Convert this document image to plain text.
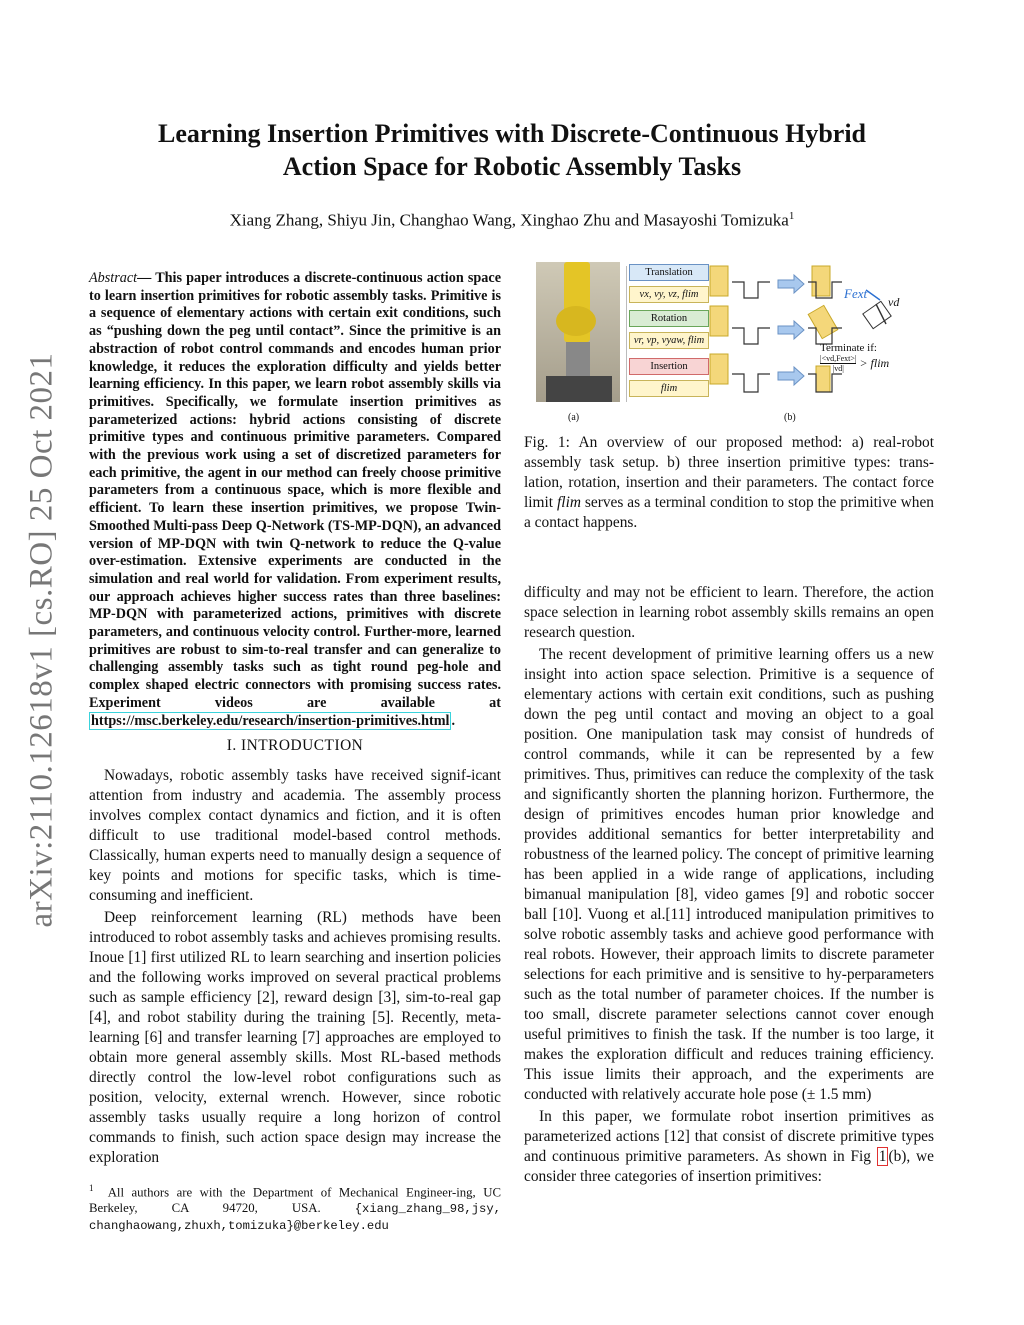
arXiv:2110.12618v1 [cs.RO] 25 Oct 2021
Learning Insertion Primitives with Discrete-Continuous Hybrid
Action Space for Robotic Assembly Tasks
Xiang Zhang, Shiyu Jin, Changhao Wang, Xinghao Zhu and Masayoshi Tomizuka$^1$
Abstract— This paper introduces a discrete-continuous action space to learn insertion primitives for robotic assembly tasks. Primitive is a sequence of elementary actions with certain exit conditions, such as “pushing down the peg until contact”. Since the primitive is an abstraction of robot control commands and encodes human prior knowledge, it reduces the exploration difficulty and yields better learning efficiency. In this paper, we learn robot assembly skills via primitives. Specifically, we formulate insertion primitives as parameterized actions: hybrid actions consisting of discrete primitive types and continuous primitive parameters. Compared with the previous work using a set of discretized parameters for each primitive, the agent in our method can freely choose primitive parameters from a continuous space, which is more flexible and efficient. To learn these insertion primitives, we propose Twin-Smoothed Multi-pass Deep Q-Network (TS-MP-DQN), an advanced version of MP-DQN with twin Q-network to reduce the Q-value over-estimation. Extensive experiments are conducted in the simulation and real world for validation. From experiment results, our approach achieves higher success rates than three baselines: MP-DQN with parameterized actions, primitives with discrete parameters, and continuous velocity control. Further-more, learned primitives are robust to sim-to-real transfer and can generalize to challenging assembly tasks such as tight round peg-hole and complex shaped electric connectors with promising success rates. Experiment videos are available at https://msc.berkeley.edu/research/insertion-primitives.html .
I. INTRODUCTION

Nowadays, robotic assembly tasks have received signif-icant attention from industry and academia. The assembly process involves complex contact dynamics and fiction, and it is often difficult to use traditional model-based control methods. Classically, human experts need to manually design a sequence of key points and motions for specific tasks, which is time-consuming and inefficient.

Deep reinforcement learning (RL) methods have been introduced to robot assembly tasks and achieves promising results. Inoue [1] first utilized RL to learn searching and insertion policies and the following works improved on several practical problems such as sample efficiency [2], reward design [3], sim-to-real gap [4], and robot stability during the training [5]. Recently, meta-learning [6] and transfer learning [7] approaches are employed to obtain more general assembly skills. Most RL-based methods directly control the low-level robot configurations such as position, velocity, external wrench. However, since robotic assembly tasks usually require a long horizon of control commands to finish, such action space design may increase the exploration

$^1$ All authors are with the Department of Mechanical Engineer-ing, UC Berkeley, CA 94720, USA. {xiang_zhang_98,jsy, changhaowang,zhuxh,tomizuka}@berkeley.edu
Translation
vx, vy, vz, flim
Rotation
vr, vp, vyaw, flim
Insertion
flim
Fext
vd
Terminate if:
|<vd,Fext>|
|vd|	> flim
(a)	(b)
Fig. 1: An overview of our proposed method: a) real-robot assembly task setup. b) three insertion primitive types: trans-lation, rotation, insertion and their parameters. The contact force limit flim serves as a terminal condition to stop the primitive when a contact happens.

difficulty and may not be efficient to learn. Therefore, the action space selection in learning robot assembly skills remains an open research question.

The recent development of primitive learning offers us a new insight into action space selection. Primitive is a sequence of elementary actions with certain exit conditions, such as pushing down the peg until contact and moving an object to a goal position. One manipulation task may consist of hundreds of control commands, while it can be represented by a few primitives. Thus, primitives can reduce the complexity of the task and significantly shorten the planning horizon. Furthermore, the design of primitives encodes human prior knowledge and provides additional semantics for better interpretability and robustness of the learned policy. The concept of primitive learning has been applied in a wide range of applications, including bimanual manipulation [8], video games [9] and robotic soccer ball [10]. Vuong et al.[11] introduced manipulation primitives to solve robotic assembly tasks and achieve good performance with real robots. However, their approach limits to discrete parameter selections for each primitive and is sensitive to hy-perparameters such as the total number of parameter choices. If the number is too small, discrete parameter selections cannot cover enough useful primitives to finish the task. If the number is too large, it makes the exploration difficult and reduces training efficiency. This issue limits their approach, and the experiments are conducted with relatively accurate hole pose (± 1.5 mm)

In this paper, we formulate robot insertion primitives as parameterized actions [12] that consist of discrete primitive types and continuous primitive parameters. As shown in Fig 1 (b), we consider three categories of insertion primitives:
